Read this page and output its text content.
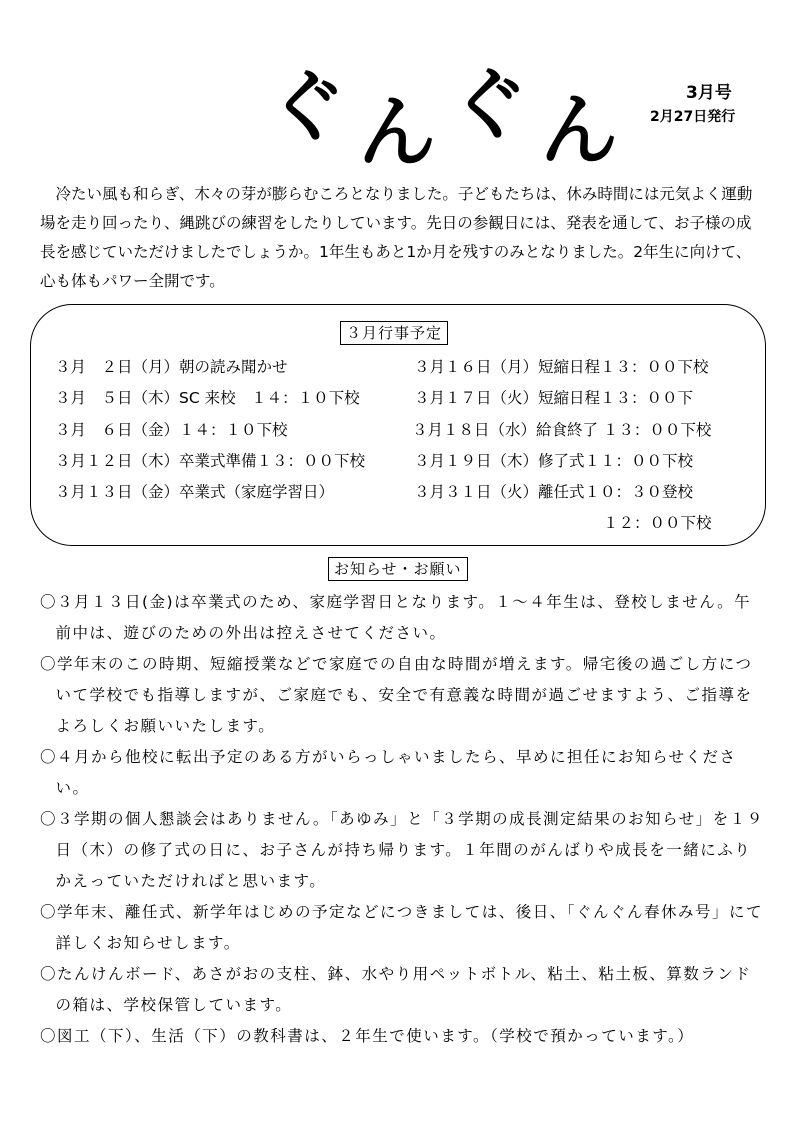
ぐ ん ぐ ん	3月号
2月27日発行

冷たい風も和らぎ、木々の芽が膨らむころとなりました。子どもたちは、休み時間には元気よく運動場を走り回ったり、縄跳びの練習をしたりしています。先日の参観日には、発表を通して、お子様の成長を感じていただけましたでしょうか。1年生もあと1か月を残すのみとなりました。2年生に向けて、心も体もパワー全開です。

３月行事予定
３月　２日（月）朝の読み聞かせ
３月　５日（木）SC 来校　１４：１０下校
３月　６日（金）１４：１０下校
３月１２日（木）卒業式準備１３：００下校
３月１３日（金）卒業式（家庭学習日）
３月１６日（月）短縮日程１３：００下校
３月１７日（火）短縮日程１３：００下
３月１８日（水）給食終了 １３：００下校
３月１９日（木）修了式１１：００下校
３月３１日（火）離任式１０：３０登校
１２：００下校
お知らせ・お願い
〇３月１３日(金)は卒業式のため、家庭学習日となります。１～４年生は、登校しません。午前中は、遊びのための外出は控えさせてください。
〇学年末のこの時期、短縮授業などで家庭での自由な時間が増えます。帰宅後の過ごし方について学校でも指導しますが、ご家庭でも、安全で有意義な時間が過ごせますよう、ご指導をよろしくお願いいたします。
〇４月から他校に転出予定のある方がいらっしゃいましたら、早めに担任にお知らせください。
〇３学期の個人懇談会はありません。「あゆみ」と「３学期の成長測定結果のお知らせ」を１９日（木）の修了式の日に、お子さんが持ち帰ります。１年間のがんばりや成長を一緒にふりかえっていただければと思います。
〇学年末、離任式、新学年はじめの予定などにつきましては、後日、「ぐんぐん春休み号」にて詳しくお知らせします。
〇たんけんボード、あさがおの支柱、鉢、水やり用ペットボトル、粘土、粘土板、算数ランドの箱は、学校保管しています。
〇図工（下）、生活（下）の教科書は、２年生で使います。（学校で預かっています。）
